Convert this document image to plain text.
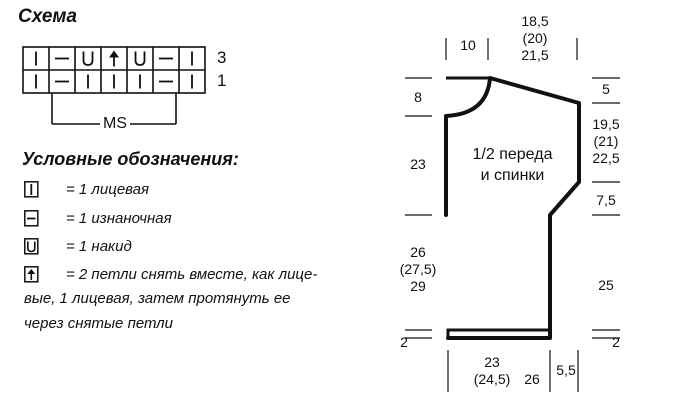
Схема
3
1
MS
Условные обозначения:
= 1 лицевая
= 1 изнаночная
= 1 накид
= 2 петли снять вместе, как лице-
вые, 1 лицевая, затем протянуть ее
через снятые петли
1/2 переда
и спинки
10
18,5
(20)
21,5
8
23
26
(27,5)
29
2
5
19,5
(21)
22,5
7,5
25
2
23
(24,5) 26
5,5
